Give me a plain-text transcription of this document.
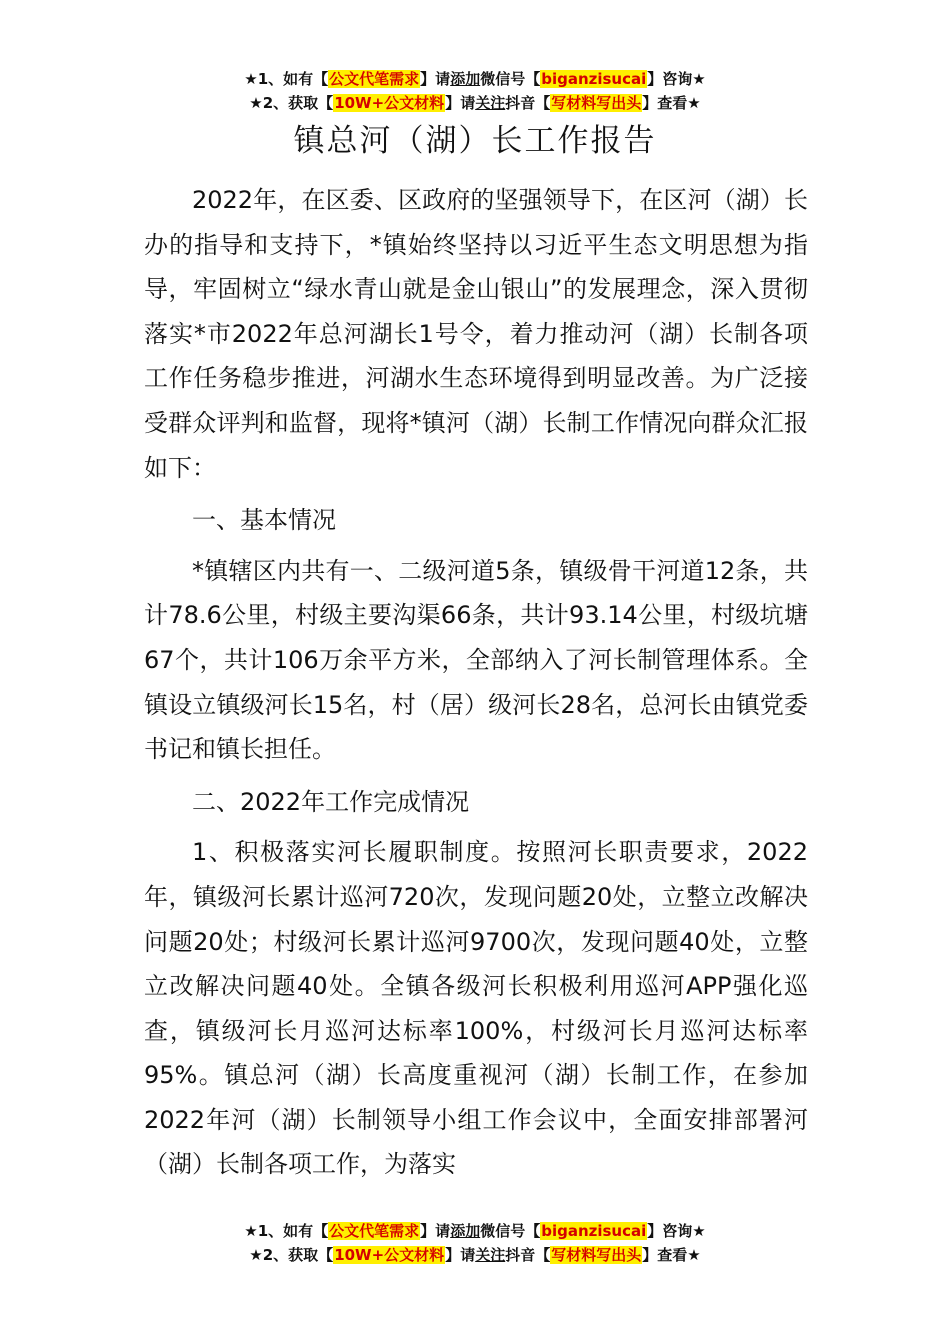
★1、如有【公文代笔需求】请添加微信号【biganzisucai】咨询★
★2、获取【10W+公文材料】请关注抖音【写材料写出头】查看★
镇总河（湖）长工作报告

2022年，在区委、区政府的坚强领导下，在区河（湖）长办的指导和支持下，*镇始终坚持以习近平生态文明思想为指导，牢固树立“绿水青山就是金山银山”的发展理念，深入贯彻落实*市2022年总河湖长1号令，着力推动河（湖）长制各项工作任务稳步推进，河湖水生态环境得到明显改善。为广泛接受群众评判和监督，现将*镇河（湖）长制工作情况向群众汇报如下：

一、基本情况

*镇辖区内共有一、二级河道5条，镇级骨干河道12条，共计78.6公里，村级主要沟渠66条，共计93.14公里，村级坑塘67个，共计106万余平方米，全部纳入了河长制管理体系。全镇设立镇级河长15名，村（居）级河长28名，总河长由镇党委书记和镇长担任。

二、2022年工作完成情况

1、积极落实河长履职制度。按照河长职责要求，2022年，镇级河长累计巡河720次，发现问题20处，立整立改解决问题20处；村级河长累计巡河9700次，发现问题40处，立整立改解决问题40处。全镇各级河长积极利用巡河APP强化巡查，镇级河长月巡河达标率100%，村级河长月巡河达标率95%。镇总河（湖）长高度重视河（湖）长制工作，在参加2022年河（湖）长制领导小组工作会议中，全面安排部署河（湖）长制各项工作，为落实

★1、如有【公文代笔需求】请添加微信号【biganzisucai】咨询★
★2、获取【10W+公文材料】请关注抖音【写材料写出头】查看★
